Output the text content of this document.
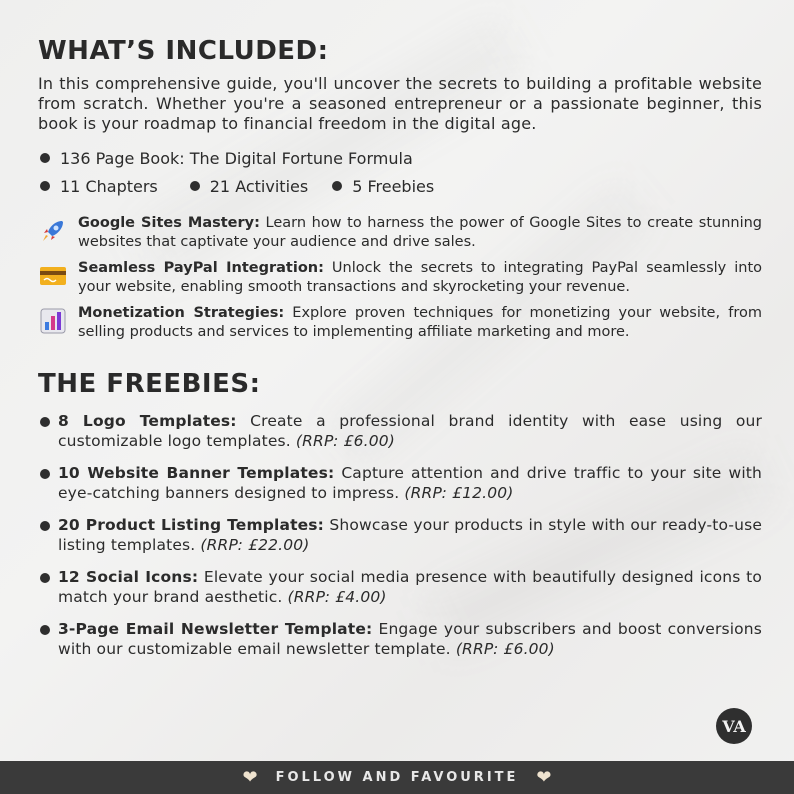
WHAT’S INCLUDED:

In this comprehensive guide, you'll uncover the secrets to building a profitable website from scratch. Whether you're a seasoned entrepreneur or a passionate beginner, this book is your roadmap to financial freedom in the digital age.

136 Page Book: The Digital Fortune Formula
11 Chapters	21 Activities	5 Freebies
Google Sites Mastery: Learn how to harness the power of Google Sites to create stunning websites that captivate your audience and drive sales.
Seamless PayPal Integration: Unlock the secrets to integrating PayPal seamlessly into your website, enabling smooth transactions and skyrocketing your revenue.
Monetization Strategies: Explore proven techniques for monetizing your website, from selling products and services to implementing affiliate marketing and more.
THE FREEBIES:
8 Logo Templates: Create a professional brand identity with ease using our customizable logo templates. (RRP: £6.00)
10 Website Banner Templates: Capture attention and drive traffic to your site with eye-catching banners designed to impress. (RRP: £12.00)
20 Product Listing Templates: Showcase your products in style with our ready-to-use listing templates. (RRP: £22.00)
12 Social Icons: Elevate your social media presence with beautifully designed icons to match your brand aesthetic. (RRP: £4.00)
3-Page Email Newsletter Template: Engage your subscribers and boost conversions with our customizable email newsletter template. (RRP: £6.00)
VA
❤ FOLLOW AND FAVOURITE ❤
